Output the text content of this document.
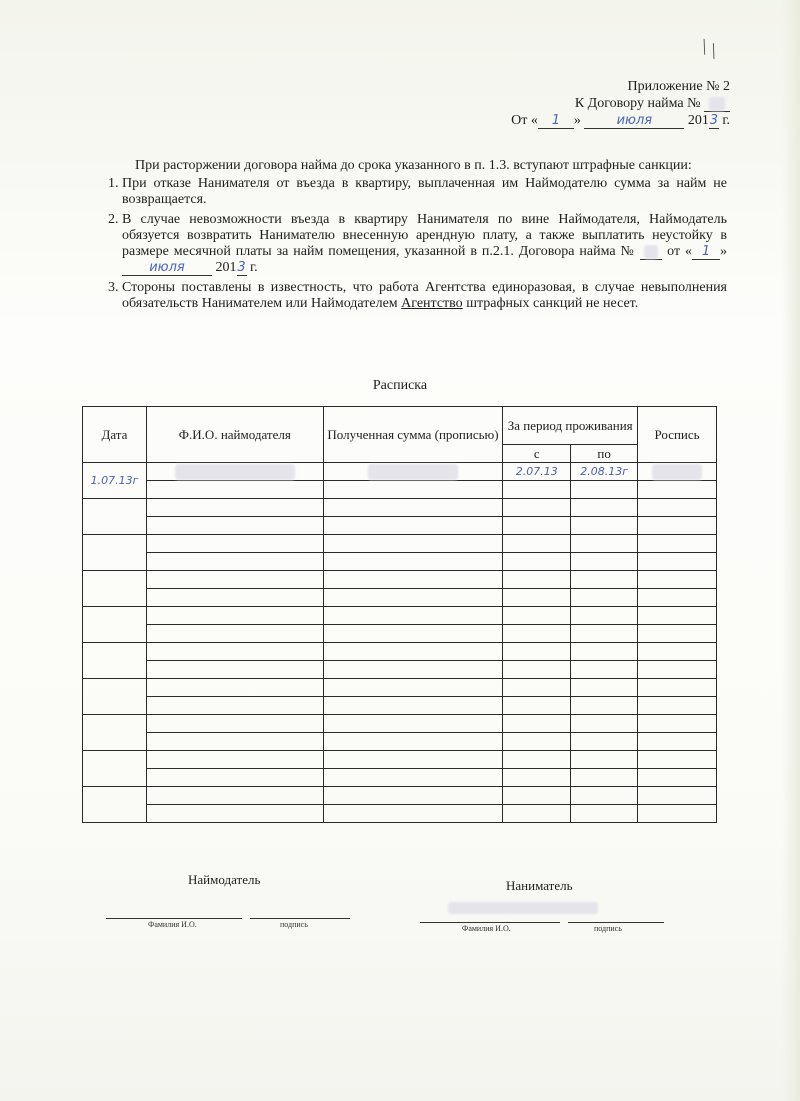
╲ ╲
Приложение № 2
К Договору найма №
От « 1 »	июля	2013 г.

При расторжении договора найма до срока указанного в п. 1.3. вступают штрафные санкции:

1. При отказе Нанимателя от въезда в квартиру, выплаченная им Наймодателю сумма за найм не возвращается.
2. В случае невозможности въезда в квартиру Нанимателя по вине Наймодателя, Наймодатель обязуется возвратить Нанимателю внесенную арендную плату, а также выплатить неустойку в размере месячной платы за найм помещения, указанной в п.2.1. Договора найма № от « 1 » июля 2013 г.
3. Стороны поставлены в известность, что работа Агентства единоразовая, в случае невыполнения обязательств Нанимателем или Наймодателем Агентство штрафных санкций не несет.
Расписка
Дата	Ф.И.О. наймодателя	Полученная сумма (прописью)	За период проживания		Роспись
			с	по	
1.07.13г			2.07.13	2.08.13г	

Наймодатель
Фамилия И.О.	подпись
Наниматель
Фамилия И.О.	подпись
